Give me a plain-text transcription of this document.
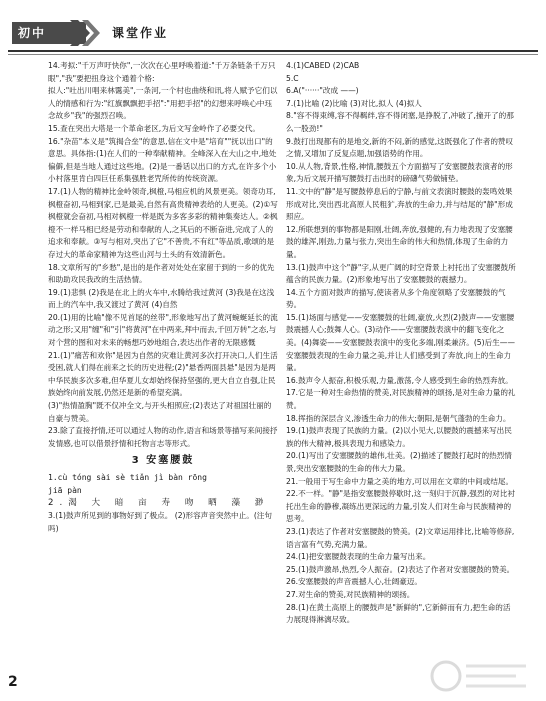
初中	课堂作业

14.考拟:"千万声吁快你",一次次在心里呼唤着道:"千万条链条千万只眼","我"要把扭身这个通着个格:

拟人:"吐出川唱来林霭美",一条河,一个村也曲绕和讯,将人赋予它们以人的情感和行为:"红旗飘飘把手招":"用把手招"的幻想来呼唤心中珏念故乡"我"的强烈召唤。

15.查在突出大塔是一个革命老区,为后文写金岭作了必要交代。

16."杂苗"本义是"筑揭合垒"的意思,信在文中是"培育""抚以出口"的意思。具体指:(1)在人们的一种奉献精神。全峰深入在大山之中,地处偏僻,但是当地人通过这些地。(2)是一番话以出口的方式,在许多个小小村落里肯白四巨任系集强胜老咒所传的传统资源。

17.(1)人物的精神比金岭领奇,枫橙,马相应机的风景更美。领奇功耳,枫橙奋初,马相到家,已是最美,自然有高贵精神表给的人更美。(2)①写枫橙就会奋初,马相对枫橙一样是既为多客多彩的精神集奏达人。②枫橙不一样马相已经是劳动和奉献的人,之其后的不断奋进,完成了人的追求和奉献。③写与相对,突出了它"不善贵,不有红"等品质,歌颂的是存过大的革命家精神为这些山河与土头的有效清新色。

18.文章所写的"乡愁",是出的是作者对处处在家留于到的一乡的优先和助助攻民我改的生活热情。

19.(1)悲惧 (2)我是在北上的火车中,水腾给我过黄河 (3)我是在这浅而上的汽车中,我又渡过了黄河 (4)自然

20.(1)用的比喻"像不见首尾的丝带",形象地写出了黄河蜿蜒延长的流动之形;又用"缠"和"引"将黄河"在中两来,拜中而去,千回万转"之态,与对个营的图和对未来的畅想巧妙地组合,表达出作者的无限感慨

21.(1)"痛苦和欢你"是因为自然的灾难让黄河多次打开决口,人们生活受困,就人们得在前来之长的历史进程;(2)"悬香两面县悬"是因为是两中华民族多次多难,但华夏儿女却始终保持坚强的,更大自立自强,让民族始终向前发展,仍然还是新的希望充满。

(3)"热情盈胸"既不仅冲全文,与开头相照应;(2)表达了对祖国壮丽的自豪与赞美。

23.除了直接抒情,还可以通过人物的动作,语言和场景等描写来间接抒发情感,也可以借景抒情和托物言志等形式。

3 安塞腰鼓

1.cù tóng sài sè tiǎn jì bàn rōng

jiā pàn

2.渴 大 暗 亩 寿 吻 晒 藻 渺

3.(1)鼓声所见到的事物好到了极点。 (2)形容声音突然中止。(注句吗)

4.(1)CABED (2)CAB

5.C

6.A("······"改成 ——)

7.(1)比喻 (2)比喻 (3)对比,拟人 (4)拟人

8."容不得束缚,容不得羁绊,容不得闭塞,是挣脱了,冲破了,撞开了的那么一股劲!"

9.鼓打出现都有的是地交,新的不闷,新的感觉,这既强化了作者的赞叹之情,又增加了反复点题,加强语势的作用。

10.从人物,背景,性格,神情,腰鼓五个方面描写了安塞腰鼓表演者的形象,为后文展开描写腰鼓打击出时的磅礴气势做铺垫。

11.文中的"静"是写腰鼓停息后的宁静,与前文表演时腰鼓的轰鸣效果形成对比,突出西北高原人民粗犷,奔放的生命力,并与结尾的"静"形成照应。

12.所联想到的事物都是阳刚,壮阔,奔放,强健的,有力地表现了安塞腰鼓的雄浑,刚劲,力量与张力,突出生命的伟大和热情,体现了生命的力量。

13.(1)鼓声中这个"静"字,从更广阔的时空背景上衬托出了安塞腰鼓所蕴含的民族力量。(2)形象地写出了安塞腰鼓的震撼力。

14.五个方面对鼓声的描写,使读者从多个角度领略了安塞腰鼓的气势。

15.(1)场面与感觉——安塞腰鼓的壮阔,豪放,火烈(2)鼓声——安塞腰鼓震撼人心;鼓舞人心。(3)动作——安塞腰鼓表演中的翻飞变化之美。(4)舞姿——安塞腰鼓表演中的变化多端,刚柔兼济。(5)后生——安塞腰鼓表现的生命力量之美,并让人们感受到了奔放,向上的生命力量。

16.鼓声令人振奋,积极乐观,力量,激荡,令人感受到生命的热烈奔放。

17.它是一种对生命热情的赞美,对民族精神的颂扬,是对生命力量的礼赞。

18.挥指的深层含义,渗透生命力的伟大;朝阳,是朝气蓬勃的生命力。

19.(1)鼓声表现了民族的力量。(2)以小见大,以腰鼓的震撼来写出民族的伟大精神,极具表现力和感染力。

20.(1)写出了安塞腰鼓的雄伟,壮美。(2)描述了腰鼓打起时的热烈情景,突出安塞腰鼓的生命的伟大力量。

21.一般用于写生命中力量之美的地方,可以用在文章的中间或结尾。

22.不一样。"静"是指安塞腰鼓停歇时,这一刻归于沉静,强烈的对比衬托出生命的静穆,凝练出更深远的力量,引发人们对生命与民族精神的思考。

23.(1)表达了作者对安塞腰鼓的赞美。(2)文章运用排比,比喻等修辞,语言富有气势,充满力量。

24.(1)把安塞腰鼓表现的生命力量写出来。

25.(1)鼓声激昂,热烈,令人振奋。(2)表达了作者对安塞腰鼓的赞美。

26.安塞腰鼓的声音震撼人心,壮阔豪迈。

27.对生命的赞美,对民族精神的颂扬。

28.(1)在黄土高原上的腰鼓声是"新鲜的",它新鲜而有力,把生命的活力展现得淋漓尽致。

2
